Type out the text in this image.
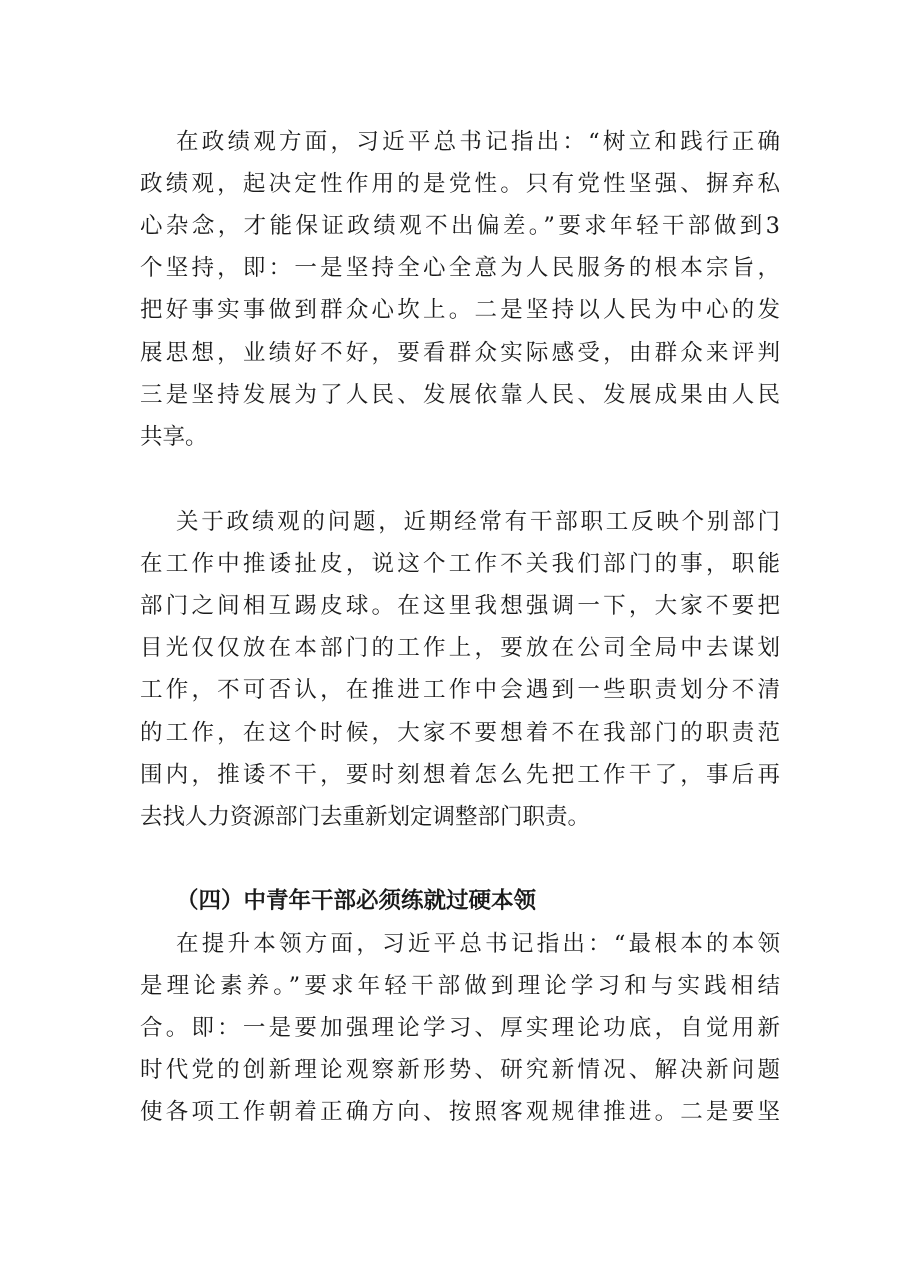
在政绩观方面，习近平总书记指出：“树立和践行正确
政绩观，起决定性作用的是党性。只有党性坚强、摒弃私
心杂念，才能保证政绩观不出偏差。”要求年轻干部做到3
个坚持，即：一是坚持全心全意为人民服务的根本宗旨，
把好事实事做到群众心坎上。二是坚持以人民为中心的发
展思想，业绩好不好，要看群众实际感受，由群众来评判
三是坚持发展为了人民、发展依靠人民、发展成果由人民
共享。
关于政绩观的问题，近期经常有干部职工反映个别部门
在工作中推诿扯皮，说这个工作不关我们部门的事，职能
部门之间相互踢皮球。在这里我想强调一下，大家不要把
目光仅仅放在本部门的工作上，要放在公司全局中去谋划
工作，不可否认，在推进工作中会遇到一些职责划分不清
的工作，在这个时候，大家不要想着不在我部门的职责范
围内，推诿不干，要时刻想着怎么先把工作干了，事后再
去找人力资源部门去重新划定调整部门职责。
（四）中青年干部必须练就过硬本领
在提升本领方面，习近平总书记指出：“最根本的本领
是理论素养。”要求年轻干部做到理论学习和与实践相结
合。即：一是要加强理论学习、厚实理论功底，自觉用新
时代党的创新理论观察新形势、研究新情况、解决新问题
使各项工作朝着正确方向、按照客观规律推进。二是要坚
